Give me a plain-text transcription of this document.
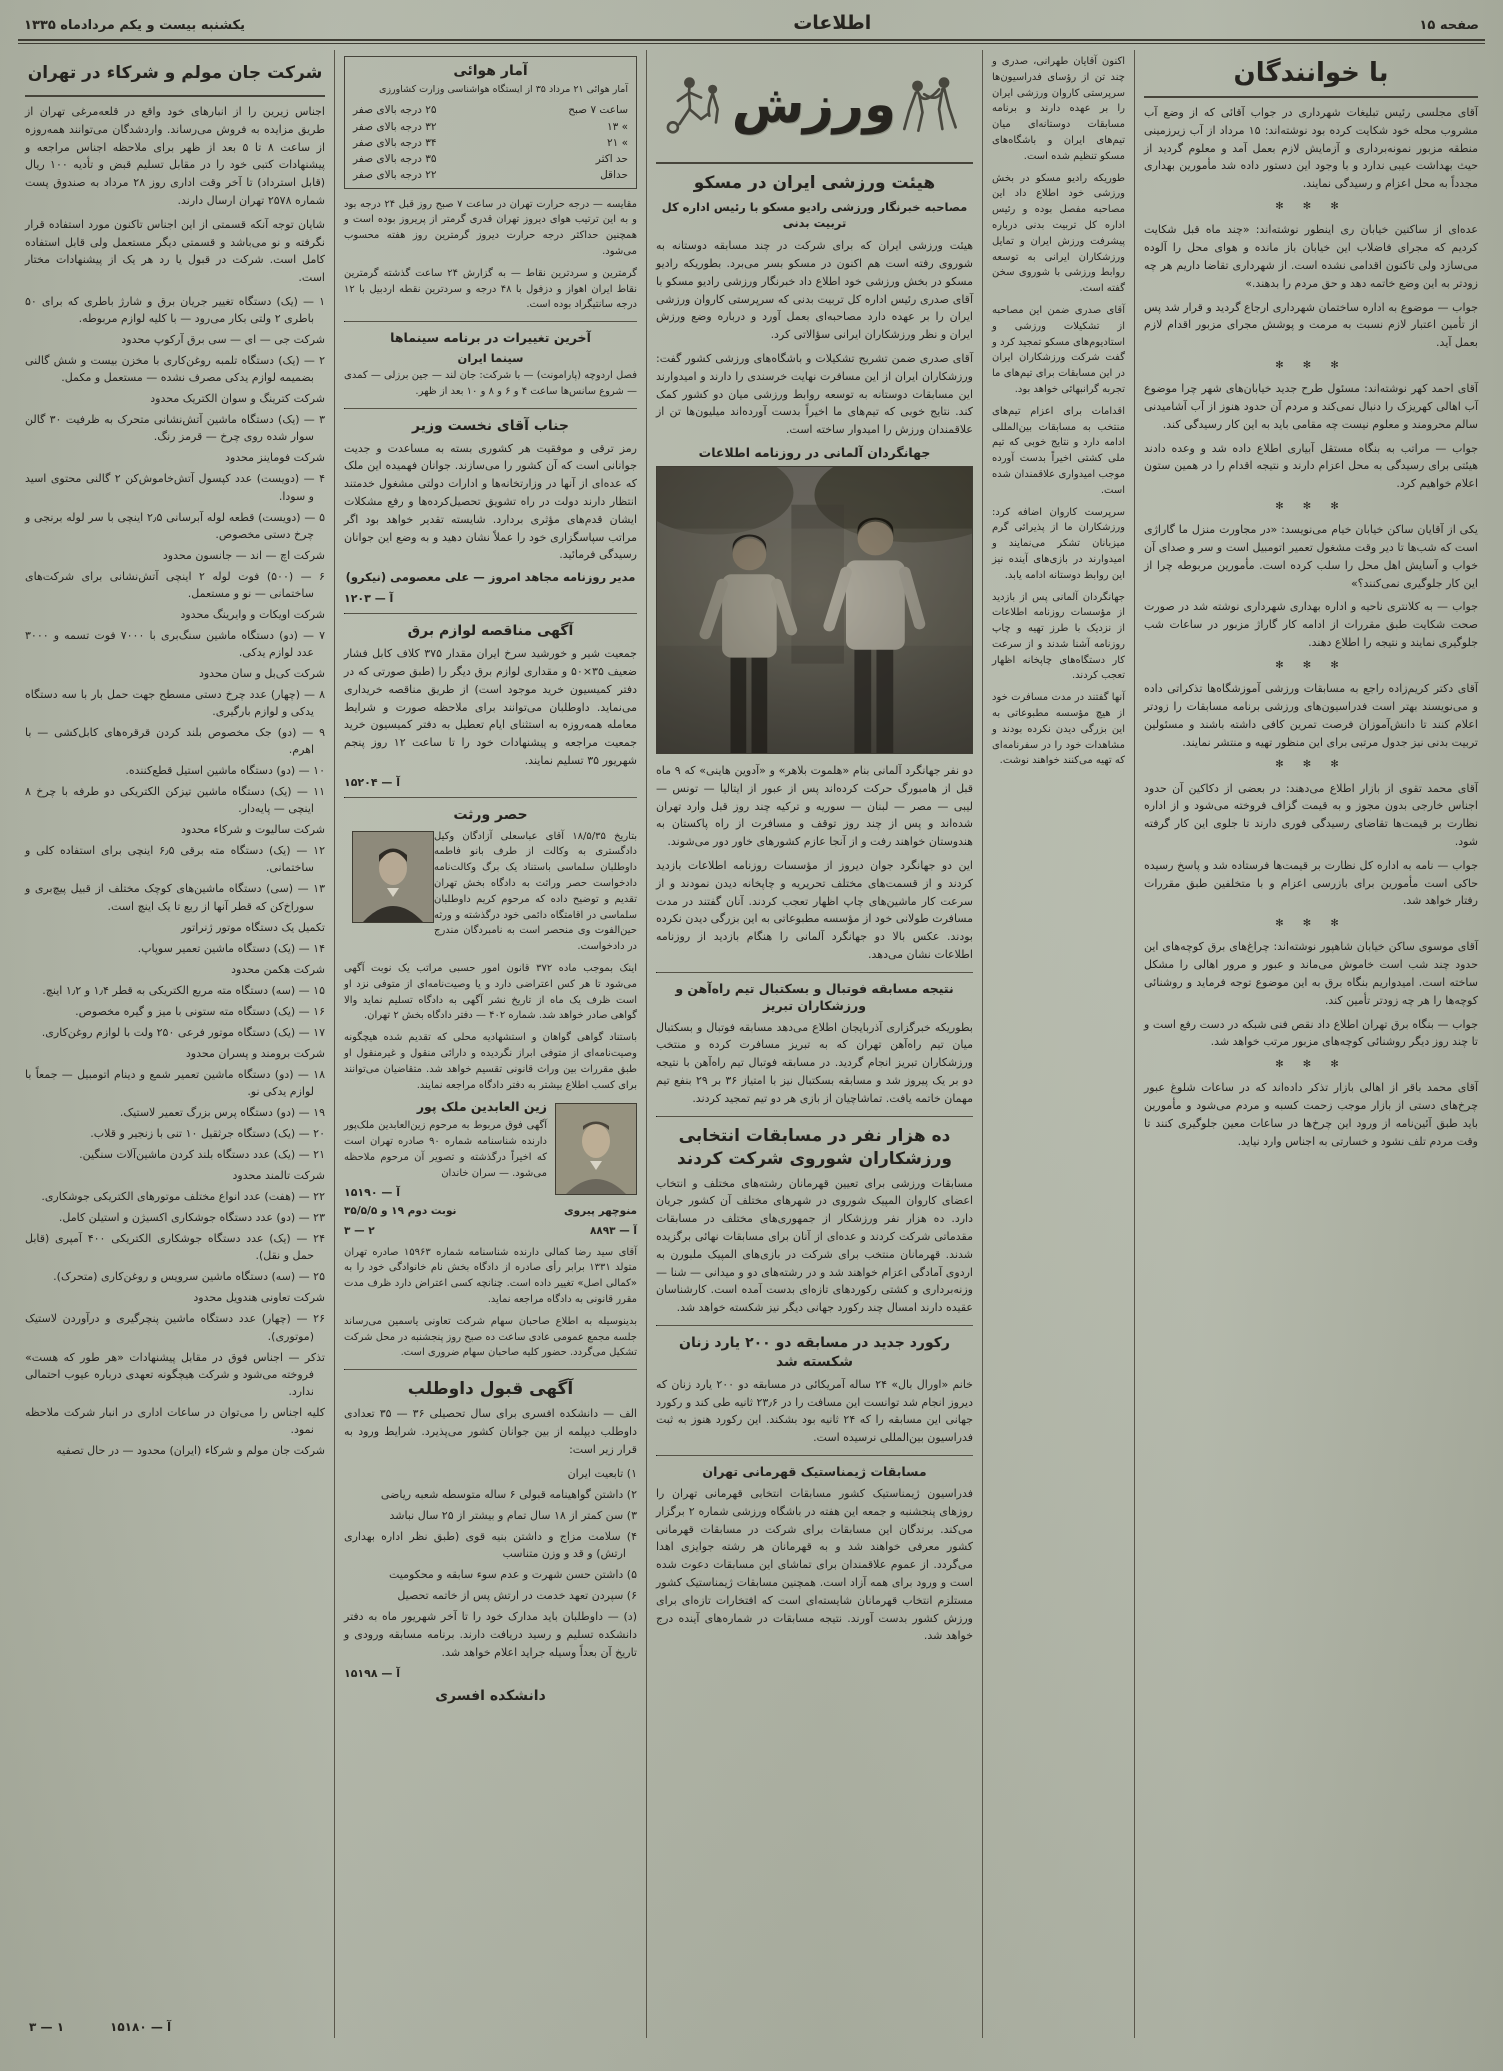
صفحه ۱۵
اطلاعات
یکشنبه بیست و یکم مردادماه ۱۳۳۵
با خوانندگان

آقای مجلسی رئیس تبلیغات شهرداری در جواب آقائی که از وضع آب مشروب محله خود شکایت کرده بود نوشته‌اند: ۱۵ مرداد از آب زیرزمینی منطقه مزبور نمونه‌برداری و آزمایش لازم بعمل آمد و معلوم گردید از حیث بهداشت عیبی ندارد و با وجود این دستور داده شد مأمورین بهداری مجدداً به محل اعزام و رسیدگی نمایند.

✻ ✻ ✻

عده‌ای از ساکنین خیابان ری اینطور نوشته‌اند: «چند ماه قبل شکایت کردیم که مجرای فاضلاب این خیابان باز مانده و هوای محل را آلوده می‌سازد ولی تاکنون اقدامی نشده است. از شهرداری تقاضا داریم هر چه زودتر به این وضع خاتمه دهد و حق مردم را بدهند.»

جواب — موضوع به اداره ساختمان شهرداری ارجاع گردید و قرار شد پس از تأمین اعتبار لازم نسبت به مرمت و پوشش مجرای مزبور اقدام لازم بعمل آید.

✻ ✻ ✻

آقای احمد کهر نوشته‌اند: مسئول طرح جدید خیابان‌های شهر چرا موضوع آب اهالی کهریزک را دنبال نمی‌کند و مردم آن حدود هنوز از آب آشامیدنی سالم محرومند و معلوم نیست چه مقامی باید به این کار رسیدگی کند.

جواب — مراتب به بنگاه مستقل آبیاری اطلاع داده شد و وعده دادند هیئتی برای رسیدگی به محل اعزام دارند و نتیجه اقدام را در همین ستون اعلام خواهیم کرد.

✻ ✻ ✻

یکی از آقایان ساکن خیابان خیام می‌نویسد: «در مجاورت منزل ما گاراژی است که شب‌ها تا دیر وقت مشغول تعمیر اتومبیل است و سر و صدای آن خواب و آسایش اهل محل را سلب کرده است. مأمورین مربوطه چرا از این کار جلوگیری نمی‌کنند؟»

جواب — به کلانتری ناحیه و اداره بهداری شهرداری نوشته شد در صورت صحت شکایت طبق مقررات از ادامه کار گاراژ مزبور در ساعات شب جلوگیری نمایند و نتیجه را اطلاع دهند.

✻ ✻ ✻

آقای دکتر کریم‌زاده راجع به مسابقات ورزشی آموزشگاه‌ها تذکراتی داده و می‌نویسند بهتر است فدراسیون‌های ورزشی برنامه مسابقات را زودتر اعلام کنند تا دانش‌آموزان فرصت تمرین کافی داشته باشند و مسئولین تربیت بدنی نیز جدول مرتبی برای این منظور تهیه و منتشر نمایند.

✻ ✻ ✻

آقای محمد تقوی از بازار اطلاع می‌دهند: در بعضی از دکاکین آن حدود اجناس خارجی بدون مجوز و به قیمت گزاف فروخته می‌شود و از اداره نظارت بر قیمت‌ها تقاضای رسیدگی فوری دارند تا جلوی این کار گرفته شود.

جواب — نامه به اداره کل نظارت بر قیمت‌ها فرستاده شد و پاسخ رسیده حاکی است مأمورین برای بازرسی اعزام و با متخلفین طبق مقررات رفتار خواهد شد.

✻ ✻ ✻

آقای موسوی ساکن خیابان شاهپور نوشته‌اند: چراغ‌های برق کوچه‌های این حدود چند شب است خاموش می‌ماند و عبور و مرور اهالی را مشکل ساخته است. امیدواریم بنگاه برق به این موضوع توجه فرماید و روشنائی کوچه‌ها را هر چه زودتر تأمین کند.

جواب — بنگاه برق تهران اطلاع داد نقص فنی شبکه در دست رفع است و تا چند روز دیگر روشنائی کوچه‌های مزبور مرتب خواهد شد.

✻ ✻ ✻

آقای محمد باقر از اهالی بازار تذکر داده‌اند که در ساعات شلوغ عبور چرخ‌های دستی از بازار موجب زحمت کسبه و مردم می‌شود و مأمورین باید طبق آئین‌نامه از ورود این چرخ‌ها در ساعات معین جلوگیری کنند تا وقت مردم تلف نشود و خسارتی به اجناس وارد نیاید.

اکنون آقایان طهرانی، صدری و چند تن از رؤسای فدراسیون‌ها سرپرستی کاروان ورزشی ایران را بر عهده دارند و برنامه مسابقات دوستانه‌ای میان تیم‌های ایران و باشگاه‌های مسکو تنظیم شده است.

طوریکه رادیو مسکو در بخش ورزشی خود اطلاع داد این مصاحبه مفصل بوده و رئیس اداره کل تربیت بدنی درباره پیشرفت ورزش ایران و تمایل ورزشکاران ایرانی به توسعه روابط ورزشی با شوروی سخن گفته است.

آقای صدری ضمن این مصاحبه از تشکیلات ورزشی و استادیوم‌های مسکو تمجید کرد و گفت شرکت ورزشکاران ایران در این مسابقات برای تیم‌های ما تجربه گرانبهائی خواهد بود.

اقدامات برای اعزام تیم‌های منتخب به مسابقات بین‌المللی ادامه دارد و نتایج خوبی که تیم ملی کشتی اخیراً بدست آورده موجب امیدواری علاقمندان شده است.

سرپرست کاروان اضافه کرد: ورزشکاران ما از پذیرائی گرم میزبانان تشکر می‌نمایند و امیدوارند در بازی‌های آینده نیز این روابط دوستانه ادامه یابد.

جهانگردان آلمانی پس از بازدید از مؤسسات روزنامه اطلاعات از نزدیک با طرز تهیه و چاپ روزنامه آشنا شدند و از سرعت کار دستگاه‌های چاپخانه اظهار تعجب کردند.

آنها گفتند در مدت مسافرت خود از هیچ مؤسسه مطبوعاتی به این بزرگی دیدن نکرده بودند و مشاهدات خود را در سفرنامه‌ای که تهیه می‌کنند خواهند نوشت.

ورزش
هیئت ورزشی ایران در مسکو
مصاحبه خبرنگار ورزشی رادیو مسکو با رئیس اداره کل تربیت بدنی

هیئت ورزشی ایران که برای شرکت در چند مسابقه دوستانه به شوروی رفته است هم اکنون در مسکو بسر می‌برد. بطوریکه رادیو مسکو در بخش ورزشی خود اطلاع داد خبرنگار ورزشی رادیو مسکو با آقای صدری رئیس اداره کل تربیت بدنی که سرپرستی کاروان ورزشی ایران را بر عهده دارد مصاحبه‌ای بعمل آورد و درباره وضع ورزش ایران و نظر ورزشکاران ایرانی سؤالاتی کرد.

آقای صدری ضمن تشریح تشکیلات و باشگاه‌های ورزشی کشور گفت: ورزشکاران ایران از این مسافرت نهایت خرسندی را دارند و امیدوارند این مسابقات دوستانه به توسعه روابط ورزشی میان دو کشور کمک کند. نتایج خوبی که تیم‌های ما اخیراً بدست آورده‌اند میلیون‌ها تن از علاقمندان ورزش را امیدوار ساخته است.

جهانگردان آلمانی در روزنامه اطلاعات

دو نفر جهانگرد آلمانی بنام «هلموت بلاهر» و «آدوین هاینی» که ۹ ماه قبل از هامبورگ حرکت کرده‌اند پس از عبور از ایتالیا — تونس — لیبی — مصر — لبنان — سوریه و ترکیه چند روز قبل وارد تهران شده‌اند و پس از چند روز توقف و مسافرت از راه پاکستان به هندوستان خواهند رفت و از آنجا عازم کشورهای خاور دور می‌شوند.

این دو جهانگرد جوان دیروز از مؤسسات روزنامه اطلاعات بازدید کردند و از قسمت‌های مختلف تحریریه و چاپخانه دیدن نمودند و از سرعت کار ماشین‌های چاپ اظهار تعجب کردند. آنان گفتند در مدت مسافرت طولانی خود از مؤسسه مطبوعاتی به این بزرگی دیدن نکرده بودند. عکس بالا دو جهانگرد آلمانی را هنگام بازدید از روزنامه اطلاعات نشان می‌دهد.

نتیجه مسابقه فوتبال و بسکتبال تیم راه‌آهن و ورزشکاران تبریز

بطوریکه خبرگزاری آذربایجان اطلاع می‌دهد مسابقه فوتبال و بسکتبال میان تیم راه‌آهن تهران که به تبریز مسافرت کرده و منتخب ورزشکاران تبریز انجام گردید. در مسابقه فوتبال تیم راه‌آهن با نتیجه دو بر یک پیروز شد و مسابقه بسکتبال نیز با امتیاز ۳۶ بر ۲۹ بنفع تیم مهمان خاتمه یافت. تماشاچیان از بازی هر دو تیم تمجید کردند.

ده هزار نفر در مسابقات انتخابی ورزشکاران شوروی شرکت کردند

مسابقات ورزشی برای تعیین قهرمانان رشته‌های مختلف و انتخاب اعضای کاروان المپیک شوروی در شهرهای مختلف آن کشور جریان دارد. ده هزار نفر ورزشکار از جمهوری‌های مختلف در مسابقات مقدماتی شرکت کردند و عده‌ای از آنان برای مسابقات نهائی برگزیده شدند. قهرمانان منتخب برای شرکت در بازی‌های المپیک ملبورن به اردوی آمادگی اعزام خواهند شد و در رشته‌های دو و میدانی — شنا — وزنه‌برداری و کشتی رکوردهای تازه‌ای بدست آمده است. کارشناسان عقیده دارند امسال چند رکورد جهانی دیگر نیز شکسته خواهد شد.

رکورد جدید در مسابقه دو ۲۰۰ یارد زنان شکسته شد

خانم «اورال بال» ۲۴ ساله آمریکائی در مسابقه دو ۲۰۰ یارد زنان که دیروز انجام شد توانست این مسافت را در ۲۳٫۶ ثانیه طی کند و رکورد جهانی این مسابقه را که ۲۴ ثانیه بود بشکند. این رکورد هنوز به ثبت فدراسیون بین‌المللی نرسیده است.

مسابقات ژیمناستیک قهرمانی تهران

فدراسیون ژیمناستیک کشور مسابقات انتخابی قهرمانی تهران را روزهای پنجشنبه و جمعه این هفته در باشگاه ورزشی شماره ۲ برگزار می‌کند. برندگان این مسابقات برای شرکت در مسابقات قهرمانی کشور معرفی خواهند شد و به قهرمانان هر رشته جوایزی اهدا می‌گردد. از عموم علاقمندان برای تماشای این مسابقات دعوت شده است و ورود برای همه آزاد است. همچنین مسابقات ژیمناستیک کشور مستلزم انتخاب قهرمانان شایسته‌ای است که افتخارات تازه‌ای برای ورزش کشور بدست آورند. نتیجه مسابقات در شماره‌های آینده درج خواهد شد.

آمار هوائی
آمار هوائی ۲۱ مرداد ۳۵ از ایستگاه هواشناسی وزارت کشاورزی
ساعت ۷ صبح
۲۵ درجه بالای صفر
» ۱۳
۳۲ درجه بالای صفر
» ۲۱
۳۴ درجه بالای صفر
حد اکثر
۳۵ درجه بالای صفر
حداقل
۲۲ درجه بالای صفر

مقایسه — درجه حرارت تهران در ساعت ۷ صبح روز قبل ۲۴ درجه بود و به این ترتیب هوای دیروز تهران قدری گرمتر از پریروز بوده است و همچنین حداکثر درجه حرارت دیروز گرمترین روز هفته محسوب می‌شود.

گرمترین و سردترین نقاط — به گزارش ۲۴ ساعت گذشته گرمترین نقاط ایران اهواز و دزفول با ۴۸ درجه و سردترین نقطه اردبیل با ۱۲ درجه سانتیگراد بوده است.

آخرین تغییرات در برنامه سینماها
سینما ایران

فصل اردوچه (پارامونت) — با شرکت: جان لند — جین برزلی — کمدی — شروع سانس‌ها ساعت ۴ و ۶ و ۸ و ۱۰ بعد از ظهر.

جناب آقای نخست وزیر

رمز ترقی و موفقیت هر کشوری بسته به مساعدت و جدیت جوانانی است که آن کشور را می‌سازند. جوانان فهمیده این ملک که عده‌ای از آنها در وزارتخانه‌ها و ادارات دولتی مشغول خدمتند انتظار دارند دولت در راه تشویق تحصیل‌کرده‌ها و رفع مشکلات ایشان قدم‌های مؤثری بردارد. شایسته تقدیر خواهد بود اگر مراتب سپاسگزاری خود را عملاً نشان دهید و به وضع این جوانان رسیدگی فرمائید.

مدیر روزنامه مجاهد امروز — علی معصومی (نیکرو)
آ — ۱۲۰۳
آگهی مناقصه لوازم برق

جمعیت شیر و خورشید سرخ ایران مقدار ۳۷۵ کلاف کابل فشار ضعیف ۳۵×۵۰ و مقداری لوازم برق دیگر را (طبق صورتی که در دفتر کمیسیون خرید موجود است) از طریق مناقصه خریداری می‌نماید. داوطلبان می‌توانند برای ملاحظه صورت و شرایط معامله همه‌روزه به استثنای ایام تعطیل به دفتر کمیسیون خرید جمعیت مراجعه و پیشنهادات خود را تا ساعت ۱۲ روز پنجم شهریور ۳۵ تسلیم نمایند.

آ — ۱۵۲۰۴
حصر ورثت

بتاریخ ۱۸/۵/۳۵ آقای عباسعلی آزادگان وکیل دادگستری به وکالت از طرف بانو فاطمه داوطلبان سلماسی باستناد یک برگ وکالت‌نامه دادخواست حصر وراثت به دادگاه بخش تهران تقدیم و توضیح داده که مرحوم کریم داوطلبان سلماسی در اقامتگاه دائمی خود درگذشته و ورثه حین‌الفوت وی منحصر است به نامبردگان مندرج در دادخواست.

اینک بموجب ماده ۳۷۲ قانون امور حسبی مراتب یک نوبت آگهی می‌شود تا هر کس اعتراضی دارد و یا وصیت‌نامه‌ای از متوفی نزد او است ظرف یک ماه از تاریخ نشر آگهی به دادگاه تسلیم نماید والا گواهی صادر خواهد شد. شماره ۴۰۲ — دفتر دادگاه بخش ۲ تهران.

باستناد گواهی گواهان و استشهادیه محلی که تقدیم شده هیچگونه وصیت‌نامه‌ای از متوفی ابراز نگردیده و دارائی منقول و غیرمنقول او طبق مقررات بین وراث قانونی تقسیم خواهد شد. متقاضیان می‌توانند برای کسب اطلاع بیشتر به دفتر دادگاه مراجعه نمایند.

زین العابدین ملک پور

آگهی فوق مربوط به مرحوم زین‌العابدین ملک‌پور دارنده شناسنامه شماره ۹۰ صادره تهران است که اخیراً درگذشته و تصویر آن مرحوم ملاحظه می‌شود. — سران خاندان

آ — ۱۵۱۹۰
منوچهر پیروی
نوبت دوم ۱۹ و ۳۵/۵/۵
آ — ۸۸۹۳
۲ — ۳

آقای سید رضا کمالی دارنده شناسنامه شماره ۱۵۹۶۳ صادره تهران متولد ۱۳۳۱ برابر رأی صادره از دادگاه بخش نام خانوادگی خود را به «کمالی اصل» تغییر داده است. چنانچه کسی اعتراض دارد ظرف مدت مقرر قانونی به دادگاه مراجعه نماید.

بدینوسیله به اطلاع صاحبان سهام شرکت تعاونی یاسمین می‌رساند جلسه مجمع عمومی عادی ساعت ده صبح روز پنجشنبه در محل شرکت تشکیل می‌گردد. حضور کلیه صاحبان سهام ضروری است.

آگهی قبول داوطلب

الف — دانشکده افسری برای سال تحصیلی ۳۶ — ۳۵ تعدادی داوطلب دیپلمه از بین جوانان کشور می‌پذیرد. شرایط ورود به قرار زیر است:

۱) تابعیت ایران

۲) داشتن گواهینامه قبولی ۶ ساله متوسطه شعبه ریاضی

۳) سن کمتر از ۱۸ سال تمام و بیشتر از ۲۵ سال نباشد

۴) سلامت مزاج و داشتن بنیه قوی (طبق نظر اداره بهداری ارتش) و قد و وزن متناسب

۵) داشتن حسن شهرت و عدم سوء سابقه و محکومیت

۶) سپردن تعهد خدمت در ارتش پس از خاتمه تحصیل

(د) — داوطلبان باید مدارک خود را تا آخر شهریور ماه به دفتر دانشکده تسلیم و رسید دریافت دارند. برنامه مسابقه ورودی و تاریخ آن بعداً وسیله جراید اعلام خواهد شد.

آ — ۱۵۱۹۸
دانشکده افسری
شرکت جان مولم و شرکاء در تهران

اجناس زیرین را از انبارهای خود واقع در قلعه‌مرغی تهران از طریق مزایده به فروش می‌رساند. واردشدگان می‌توانند همه‌روزه از ساعت ۸ تا ۵ بعد از ظهر برای ملاحظه اجناس مراجعه و پیشنهادات کتبی خود را در مقابل تسلیم قبض و تأدیه ۱۰۰ ریال (قابل استرداد) تا آخر وقت اداری روز ۲۸ مرداد به صندوق پست شماره ۲۵۷۸ تهران ارسال دارند.

شایان توجه آنکه قسمتی از این اجناس تاکنون مورد استفاده قرار نگرفته و نو می‌باشد و قسمتی دیگر مستعمل ولی قابل استفاده کامل است. شرکت در قبول یا رد هر یک از پیشنهادات مختار است.

۱ — (یک) دستگاه تغییر جریان برق و شارژ باطری که برای ۵۰ باطری ۲ ولتی بکار می‌رود — با کلیه لوازم مربوطه.

شرکت جی — ای — سی برق آرکوپ محدود

۲ — (یک) دستگاه تلمبه روغن‌کاری با مخزن بیست و شش گالنی بضمیمه لوازم یدکی مصرف نشده — مستعمل و مکمل.

شرکت کترینگ و سوان الکتریک محدود

۳ — (یک) دستگاه ماشین آتش‌نشانی متحرک به ظرفیت ۳۰ گالن سوار شده روی چرخ — قرمز رنگ.

شرکت فوماینز محدود

۴ — (دویست) عدد کپسول آتش‌خاموش‌کن ۲ گالنی محتوی اسید و سودا.

۵ — (دویست) قطعه لوله آبرسانی ۲٫۵ اینچی با سر لوله برنجی و چرخ دستی مخصوص.

شرکت اچ — اند — جانسون محدود

۶ — (۵۰۰) فوت لوله ۲ اینچی آتش‌نشانی برای شرکت‌های ساختمانی — نو و مستعمل.

شرکت اویکات و وایرینگ محدود

۷ — (دو) دستگاه ماشین سنگ‌بری با ۷۰۰۰ فوت تسمه و ۳۰۰۰ عدد لوازم یدکی.

شرکت کی‌بل و سان محدود

۸ — (چهار) عدد چرخ دستی مسطح جهت حمل بار با سه دستگاه یدکی و لوازم بارگیری.

۹ — (دو) جک مخصوص بلند کردن قرقره‌های کابل‌کشی — با اهرم.

۱۰ — (دو) دستگاه ماشین استیل قطع‌کننده.

۱۱ — (یک) دستگاه ماشین تیزکن الکتریکی دو طرفه با چرخ ۸ اینچی — پایه‌دار.

شرکت سالیوت و شرکاء محدود

۱۲ — (یک) دستگاه مته برقی ۶٫۵ اینچی برای استفاده کلی و ساختمانی.

۱۳ — (سی) دستگاه ماشین‌های کوچک مختلف از قبیل پیچ‌بری و سوراخ‌کن که قطر آنها از ربع تا یک اینچ است.

تکمیل یک دستگاه موتور ژنراتور

۱۴ — (یک) دستگاه ماشین تعمیر سوپاپ.

شرکت هکمن محدود

۱۵ — (سه) دستگاه مته مربع الکتریکی به قطر ۱٫۴ و ۱٫۲ اینچ.

۱۶ — (یک) دستگاه مته ستونی با میز و گیره مخصوص.

۱۷ — (یک) دستگاه موتور فرعی ۲۵۰ ولت با لوازم روغن‌کاری.

شرکت برومند و پسران محدود

۱۸ — (دو) دستگاه ماشین تعمیر شمع و دینام اتومبیل — جمعاً با لوازم یدکی نو.

۱۹ — (دو) دستگاه پرس بزرگ تعمیر لاستیک.

۲۰ — (یک) دستگاه جرثقیل ۱۰ تنی با زنجیر و قلاب.

۲۱ — (یک) عدد دستگاه بلند کردن ماشین‌آلات سنگین.

شرکت تالمند محدود

۲۲ — (هفت) عدد انواع مختلف موتورهای الکتریکی جوشکاری.

۲۳ — (دو) عدد دستگاه جوشکاری اکسیژن و استیلن کامل.

۲۴ — (یک) عدد دستگاه جوشکاری الکتریکی ۴۰۰ آمپری (قابل حمل و نقل).

۲۵ — (سه) دستگاه ماشین سرویس و روغن‌کاری (متحرک).

شرکت تعاونی هندویل محدود

۲۶ — (چهار) عدد دستگاه ماشین پنچرگیری و درآوردن لاستیک (موتوری).

تذکر — اجناس فوق در مقابل پیشنهادات «هر طور که هست» فروخته می‌شود و شرکت هیچگونه تعهدی درباره عیوب احتمالی ندارد.

کلیه اجناس را می‌توان در ساعات اداری در انبار شرکت ملاحظه نمود.

شرکت جان مولم و شرکاء (ایران) محدود — در حال تصفیه

آ — ۱۵۱۸۰
۱ — ۳
